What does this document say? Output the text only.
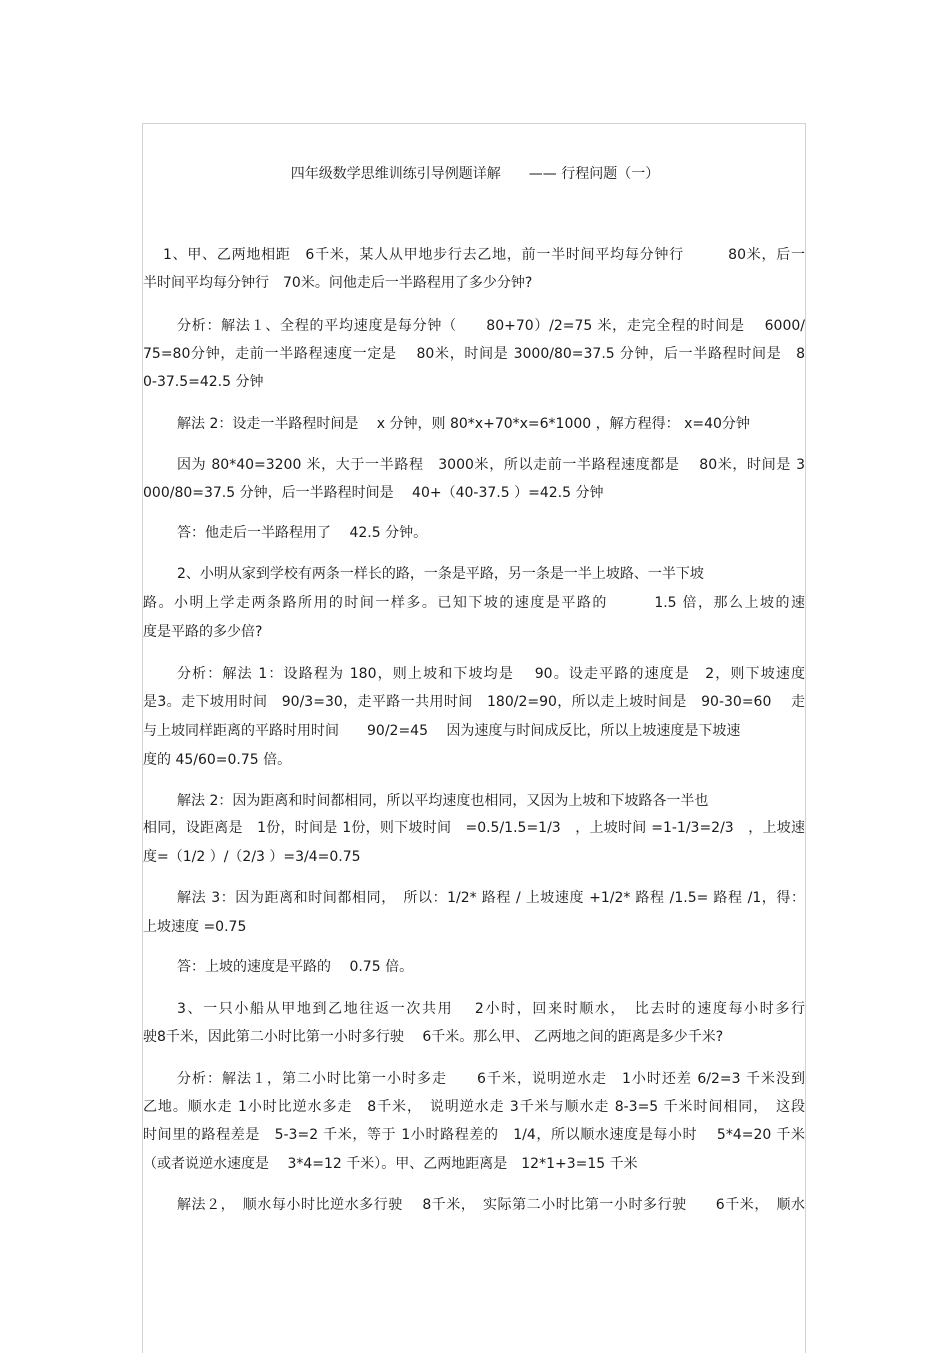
四年级数学思维训练引导例题详解　　—— 行程问题（一）
1、甲、乙两地相距　6千米，某人从甲地步行去乙地，前一半时间平均每分钟行　　　80米，后一
半时间平均每分钟行　70米。问他走后一半路程用了多少分钟?
分析：解法１、全程的平均速度是每分钟（　　80+70）/2=75 米，走完全程的时间是　 6000/
75=80分钟，走前一半路程速度一定是　 80米，时间是 3000/80=37.5 分钟，后一半路程时间是　8
0-37.5=42.5 分钟
解法 2：设走一半路程时间是　 x 分钟，则 80*x+70*x=6*1000 ，解方程得： x=40分钟
因为 80*40=3200 米，大于一半路程　3000米，所以走前一半路程速度都是　 80米，时间是 3
000/80=37.5 分钟，后一半路程时间是　 40+（40-37.5 ）=42.5 分钟
答：他走后一半路程用了　 42.5 分钟。
2、小明从家到学校有两条一样长的路，一条是平路，另一条是一半上坡路、一半下坡
路。小明上学走两条路所用的时间一样多。已知下坡的速度是平路的　　　1.5 倍，那么上坡的速
度是平路的多少倍?
分析：解法 1：设路程为 180，则上坡和下坡均是　 90。设走平路的速度是　2，则下坡速度
是3。走下坡用时间　90/3=30，走平路一共用时间　180/2=90，所以走上坡时间是　90-30=60　 走
与上坡同样距离的平路时用时间　　90/2=45　 因为速度与时间成反比，所以上坡速度是下坡速
度的 45/60=0.75 倍。
解法 2：因为距离和时间都相同，所以平均速度也相同，又因为上坡和下坡路各一半也
相同，设距离是　1份，时间是 1份，则下坡时间　=0.5/1.5=1/3　，上坡时间 =1-1/3=2/3　，上坡速
度=（1/2 ）/（2/3 ）=3/4=0.75
解法 3：因为距离和时间都相同，　所以：1/2* 路程 / 上坡速度 +1/2* 路程 /1.5= 路程 /1，得：
上坡速度 =0.75
答：上坡的速度是平路的　 0.75 倍。
3、一只小船从甲地到乙地往返一次共用　 2小时，回来时顺水，　比去时的速度每小时多行
驶8千米，因此第二小时比第一小时多行驶　 6千米。那么甲、 乙两地之间的距离是多少千米?
分析：解法１，第二小时比第一小时多走　　6千米，说明逆水走　1小时还差 6/2=3 千米没到
乙地。顺水走 1小时比逆水多走　8千米，　说明逆水走 3千米与顺水走 8-3=5 千米时间相同，　这段
时间里的路程差是　5-3=2 千米，等于 1小时路程差的　1/4，所以顺水速度是每小时　 5*4=20 千米
（或者说逆水速度是　 3*4=12 千米）。甲、乙两地距离是　12*1+3=15 千米
解法２，　顺水每小时比逆水多行驶　 8千米，　实际第二小时比第一小时多行驶　　6千米，　顺水
